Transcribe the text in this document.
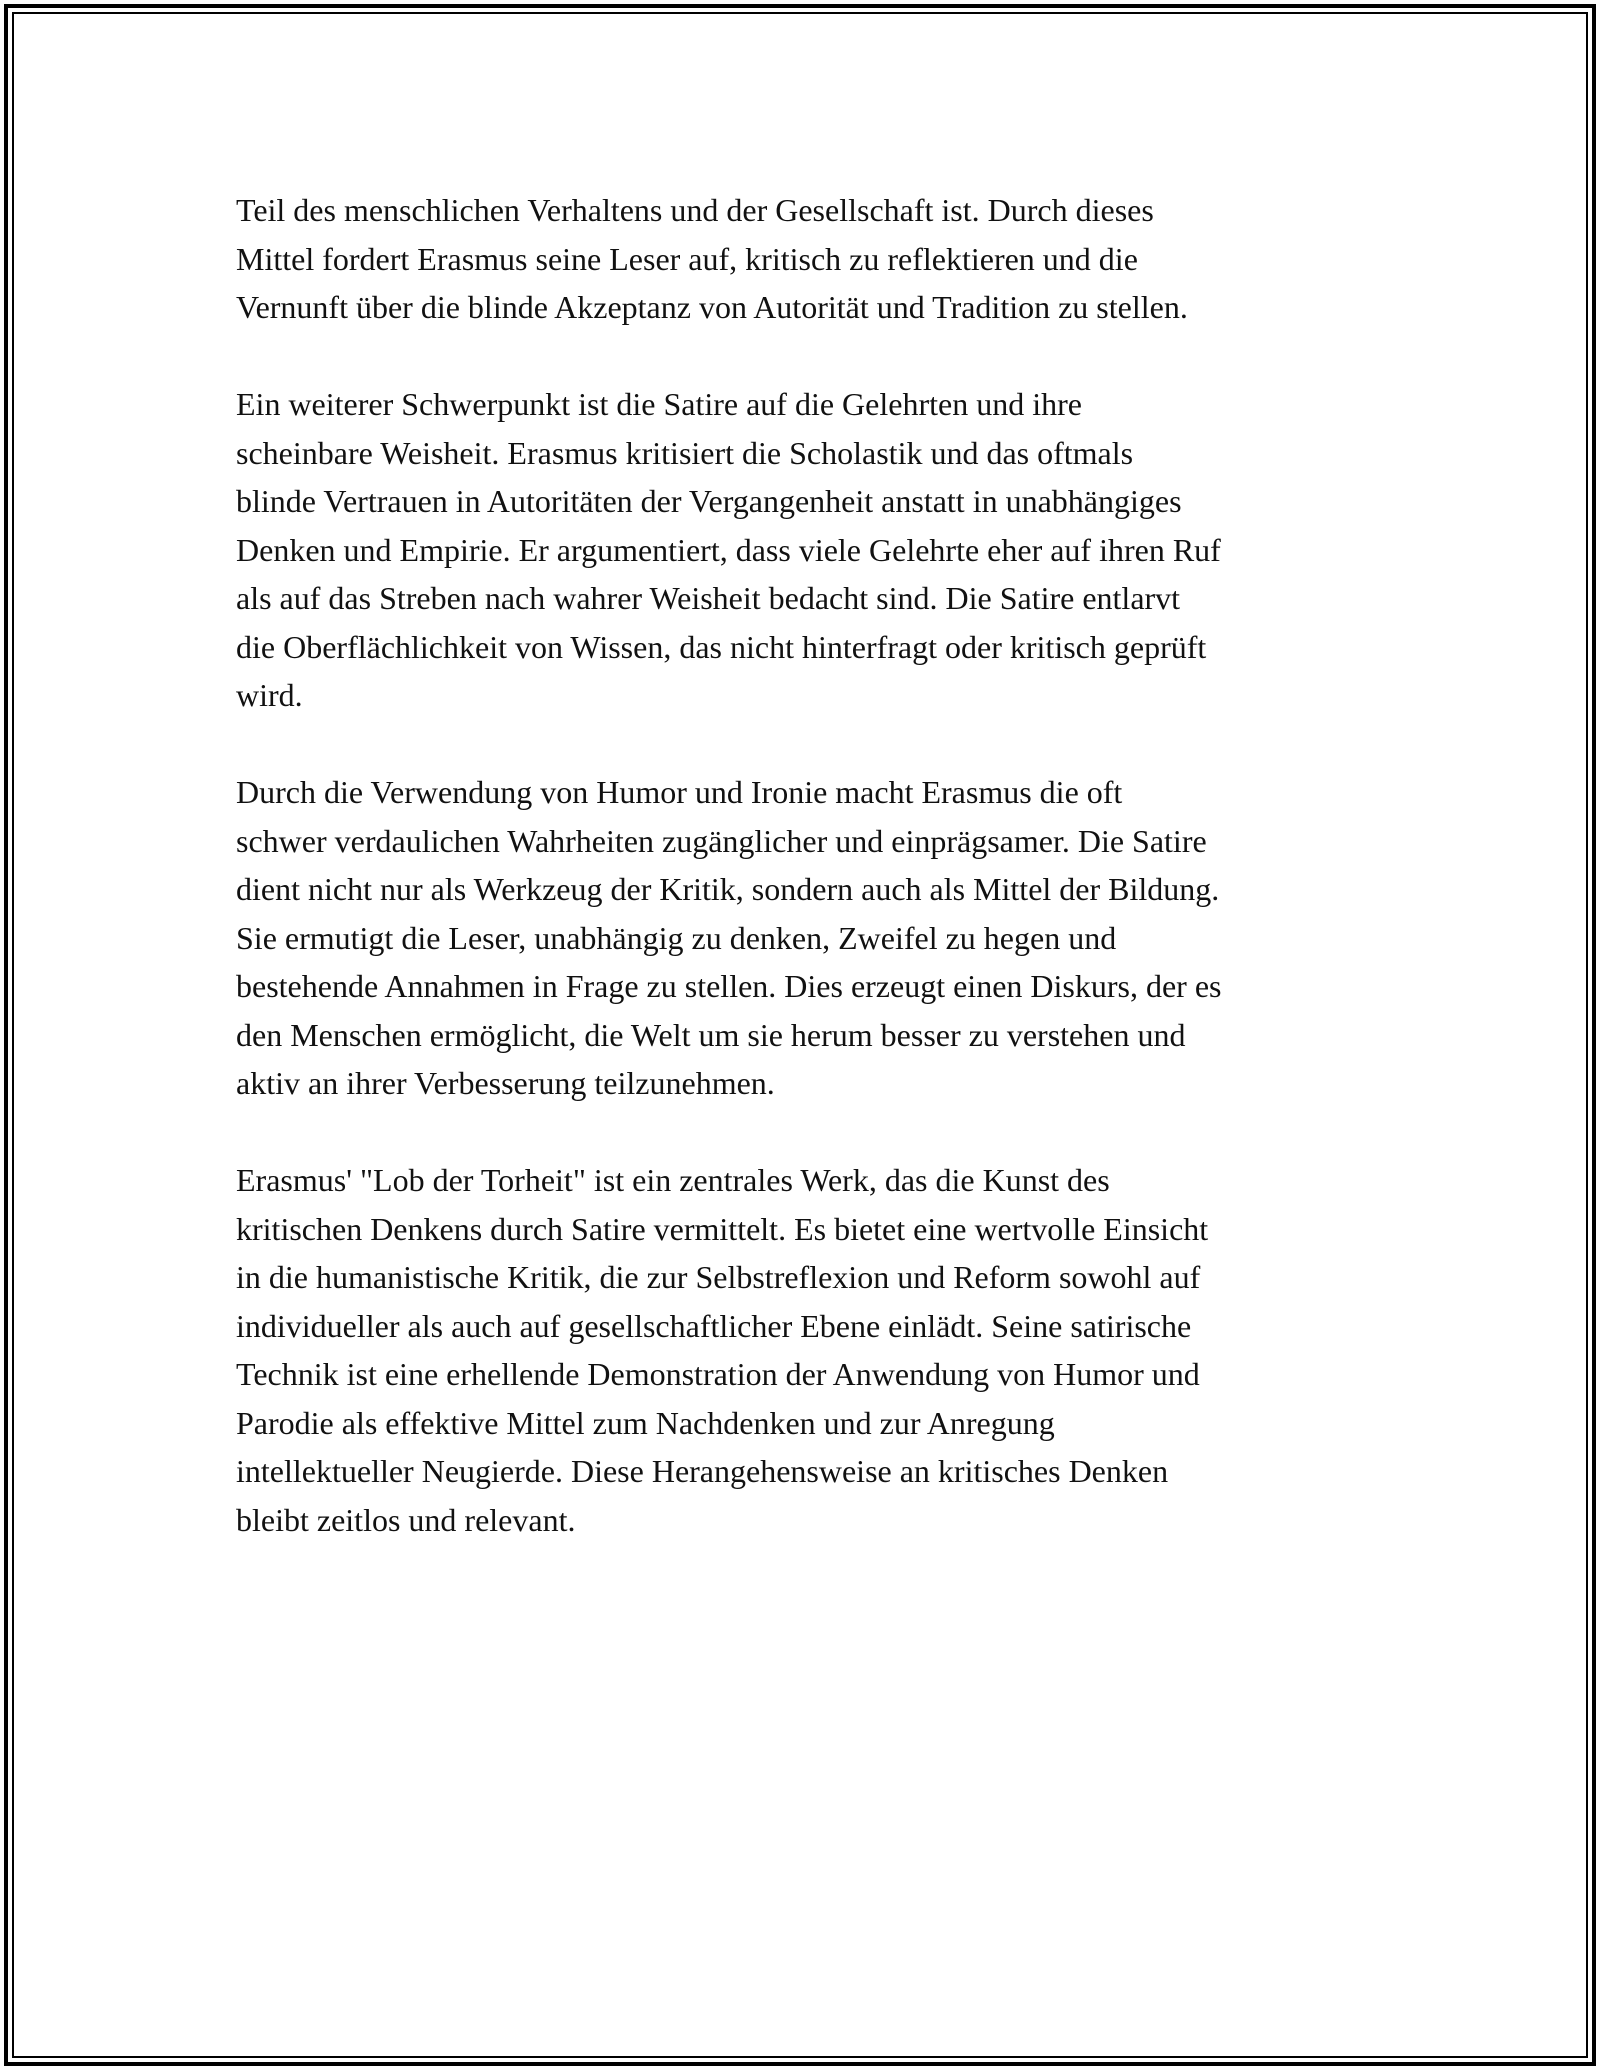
Teil des menschlichen Verhaltens und der Gesellschaft ist. Durch dieses
Mittel fordert Erasmus seine Leser auf, kritisch zu reflektieren und die
Vernunft über die blinde Akzeptanz von Autorität und Tradition zu stellen.

Ein weiterer Schwerpunkt ist die Satire auf die Gelehrten und ihre
scheinbare Weisheit. Erasmus kritisiert die Scholastik und das oftmals
blinde Vertrauen in Autoritäten der Vergangenheit anstatt in unabhängiges
Denken und Empirie. Er argumentiert, dass viele Gelehrte eher auf ihren Ruf
als auf das Streben nach wahrer Weisheit bedacht sind. Die Satire entlarvt
die Oberflächlichkeit von Wissen, das nicht hinterfragt oder kritisch geprüft
wird.

Durch die Verwendung von Humor und Ironie macht Erasmus die oft
schwer verdaulichen Wahrheiten zugänglicher und einprägsamer. Die Satire
dient nicht nur als Werkzeug der Kritik, sondern auch als Mittel der Bildung.
Sie ermutigt die Leser, unabhängig zu denken, Zweifel zu hegen und
bestehende Annahmen in Frage zu stellen. Dies erzeugt einen Diskurs, der es
den Menschen ermöglicht, die Welt um sie herum besser zu verstehen und
aktiv an ihrer Verbesserung teilzunehmen.

Erasmus' "Lob der Torheit" ist ein zentrales Werk, das die Kunst des
kritischen Denkens durch Satire vermittelt. Es bietet eine wertvolle Einsicht
in die humanistische Kritik, die zur Selbstreflexion und Reform sowohl auf
individueller als auch auf gesellschaftlicher Ebene einlädt. Seine satirische
Technik ist eine erhellende Demonstration der Anwendung von Humor und
Parodie als effektive Mittel zum Nachdenken und zur Anregung
intellektueller Neugierde. Diese Herangehensweise an kritisches Denken
bleibt zeitlos und relevant.
